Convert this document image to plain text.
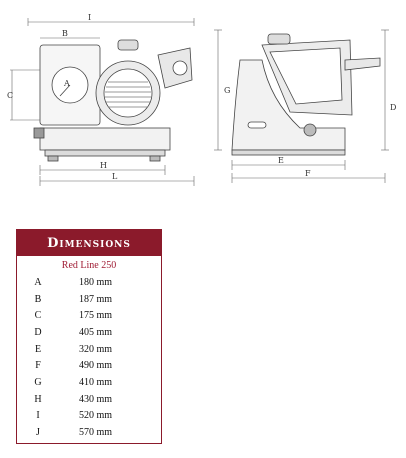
I
B
A
C
H
L
G
D
E
F
Dimensions
Red Line 250
A	180 mm
B	187 mm
C	175 mm
D	405 mm
E	320 mm
F	490 mm
G	410 mm
H	430 mm
I	520 mm
J	570 mm
